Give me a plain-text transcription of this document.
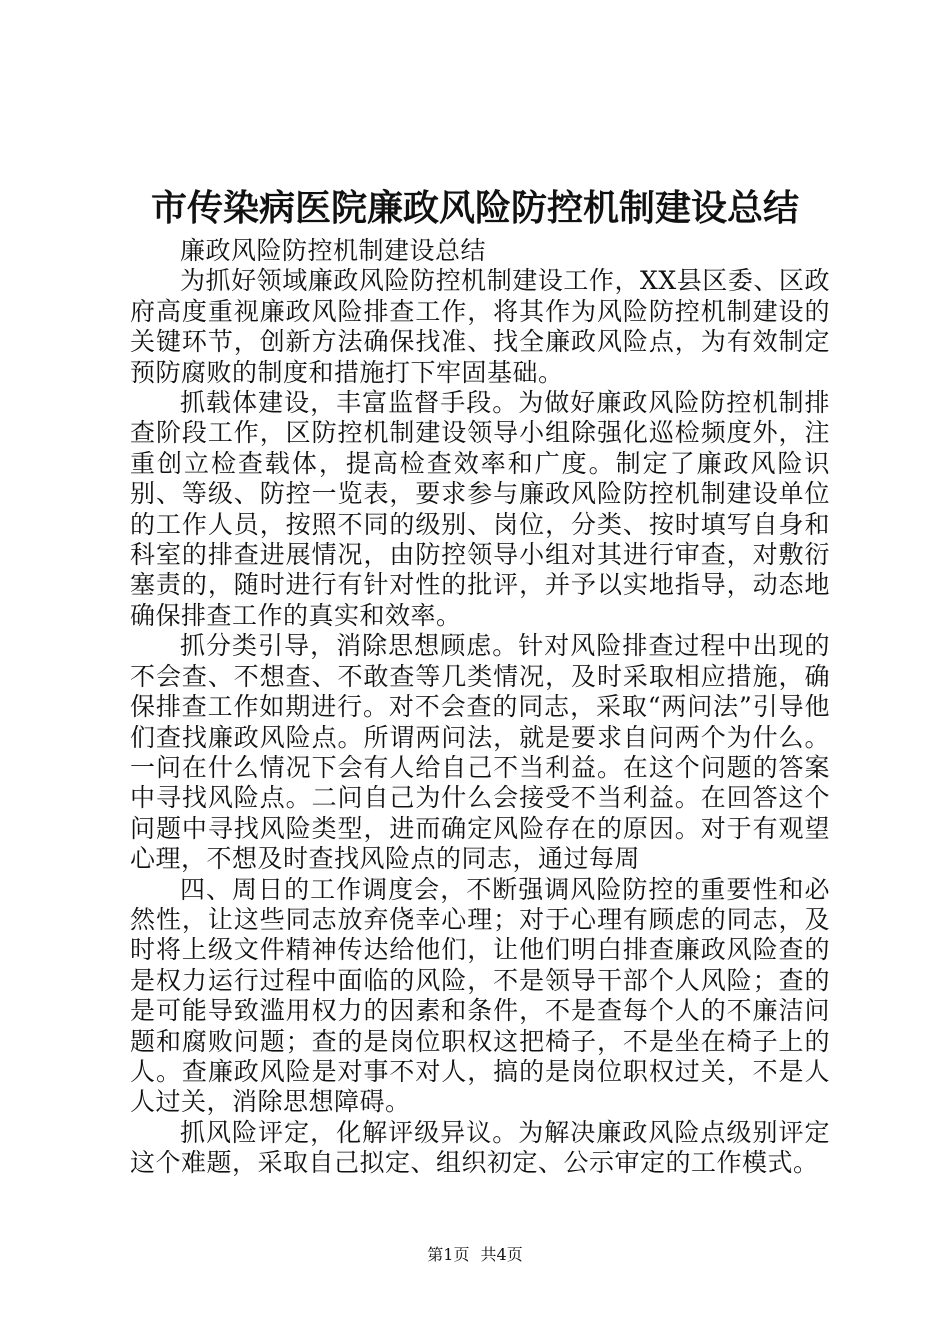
市传染病医院廉政风险防控机制建设总结

廉政风险防控机制建设总结

为抓好领域廉政风险防控机制建设工作，XX县区委、区政府高度重视廉政风险排查工作，将其作为风险防控机制建设的关键环节，创新方法确保找准、找全廉政风险点，为有效制定预防腐败的制度和措施打下牢固基础。

抓载体建设，丰富监督手段。为做好廉政风险防控机制排查阶段工作，区防控机制建设领导小组除强化巡检频度外，注重创立检查载体，提高检查效率和广度。制定了廉政风险识别、等级、防控一览表，要求参与廉政风险防控机制建设单位的工作人员，按照不同的级别、岗位，分类、按时填写自身和科室的排查进展情况，由防控领导小组对其进行审查，对敷衍塞责的，随时进行有针对性的批评，并予以实地指导，动态地确保排查工作的真实和效率。

抓分类引导，消除思想顾虑。针对风险排查过程中出现的不会查、不想查、不敢查等几类情况，及时采取相应措施，确保排查工作如期进行。对不会查的同志，采取“两问法”引导他们查找廉政风险点。所谓两问法，就是要求自问两个为什么。一问在什么情况下会有人给自己不当利益。在这个问题的答案中寻找风险点。二问自己为什么会接受不当利益。在回答这个问题中寻找风险类型，进而确定风险存在的原因。对于有观望心理，不想及时查找风险点的同志，通过每周

四、周日的工作调度会，不断强调风险防控的重要性和必然性，让这些同志放弃侥幸心理；对于心理有顾虑的同志，及时将上级文件精神传达给他们，让他们明白排查廉政风险查的是权力运行过程中面临的风险，不是领导干部个人风险；查的是可能导致滥用权力的因素和条件，不是查每个人的不廉洁问题和腐败问题；查的是岗位职权这把椅子，不是坐在椅子上的人。查廉政风险是对事不对人，搞的是岗位职权过关，不是人人过关，消除思想障碍。

抓风险评定，化解评级异议。为解决廉政风险点级别评定这个难题，采取自己拟定、组织初定、公示审定的工作模式。

第1页 共4页
